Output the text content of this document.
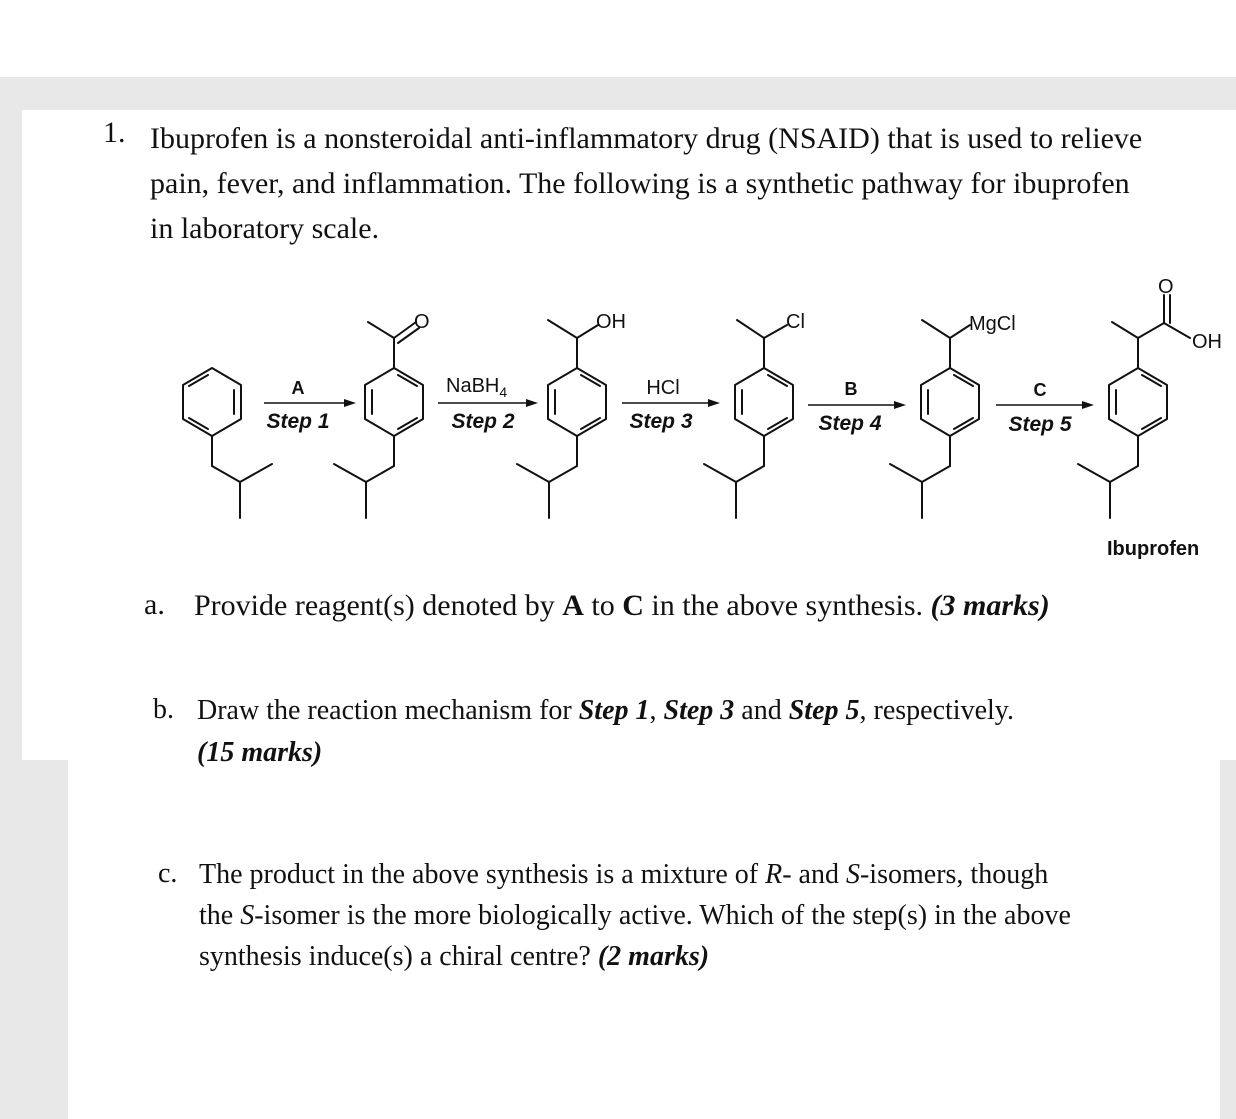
1. Ibuprofen is a nonsteroidal anti-inflammatory drug (NSAID) that is used to relieve
pain, fever, and inflammation. The following is a synthetic pathway for ibuprofen
in laboratory scale.
O	OH	Cl	MgCl
O
OH
Ibuprofen
A
Step 1
NaBH$_4$
Step 2
HCl
Step 3
B
Step 4
C
Step 5
a. Provide reagent(s) denoted by A to C in the above synthesis. (3 marks)
b. Draw the reaction mechanism for Step 1, Step 3 and Step 5, respectively.
(15 marks)
c. The product in the above synthesis is a mixture of R- and S-isomers, though
the S-isomer is the more biologically active. Which of the step(s) in the above
synthesis induce(s) a chiral centre? (2 marks)
